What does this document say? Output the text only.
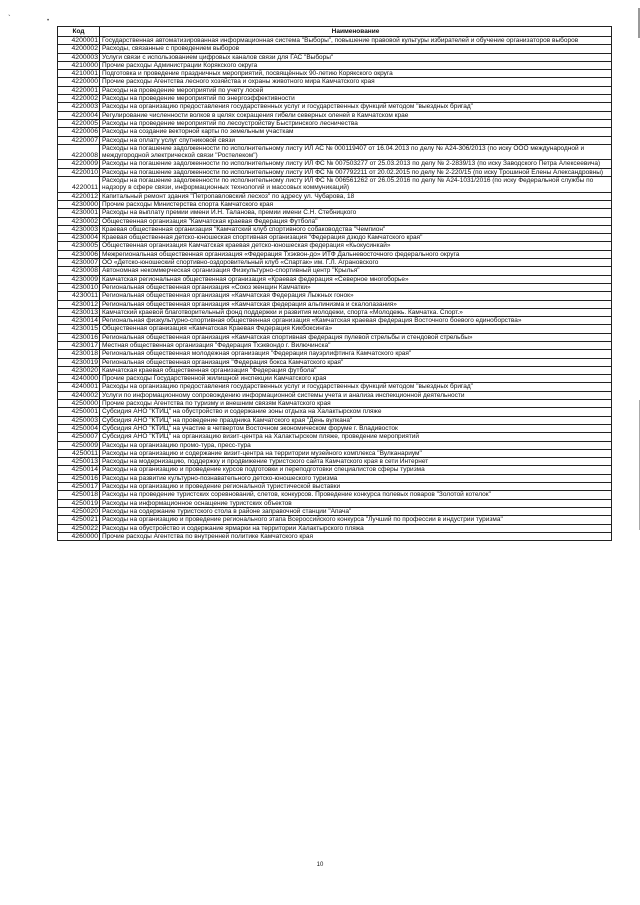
`	•
Код	Наименование
4200001	Государственная автоматизированная информационная система "Выборы", повышение правовой культуры избирателей и обучение организаторов выборов
4200002	Расходы, связанные с проведением выборов
4200003	Услуги связи с использованием цифровых каналов связи для ГАС "Выборы"
4210000	Прочие расходы Администрации Корякского округа
4210001	Подготовка и проведение праздничных мероприятий, посвящённых 90-летию Корякского округа
4220000	Прочие расходы Агентства лесного хозяйства и охраны животного мира Камчатского края
4220001	Расходы на проведение мероприятий по учету лосей
4220002	Расходы на проведение мероприятий по энергоэффективности
4220003	Расходы на организацию предоставления государственных услуг и государственных функций методом "выездных бригад"
4220004	Регулирование численности волков в целях сокращения гибели северных оленей в Камчатском крае
4220005	Расходы на проведение мероприятий по лесоустройству Быстринского лесничества
4220006	Расходы на создание векторной карты по земельным участкам
4220007	Расходы на оплату услуг спутниковой связи
4220008	Расходы на погашение задолженности по исполнительному листу ИЛ АС № 000119407 от 16.04.2013 по делу № А24-306/2013 (по иску ООО международной и междугородной электрической связи "Ростелеком")
4220009	Расходы на погашение задолженности по исполнительному листу ИЛ ФС № 007503277 от 25.03.2013 по делу № 2-2839/13 (по иску Заводского Петра Алексеевича)
4220010	Расходы на погашение задолженности по исполнительному листу ИЛ ФС № 007792211 от 20.02.2015 по делу № 2-220/15 (по иску Трошиной Елены Александровны)
4220011	Расходы на погашение задолженности по исполнительному листу ИЛ ФС № 006561262 от 26.05.2016 по делу № А24-1031/2016 (по иску Федеральной службы по надзору в сфере связи, информационных технологий и массовых коммуникаций)
4220012	Капитальный ремонт здания "Петропавловский лесхоз" по адресу ул. Чубарова, 18
4230000	Прочие расходы Министерства спорта Камчатского края
4230001	Расходы на выплату премии имени И.Н. Таланова, премии имени С.Н. Стебницкого
4230002	Общественная организация "Камчатская краевая Федерация Футбола"
4230003	Краевая общественная организация "Камчатский клуб спортивного собаководства "Чемпион"
4230004	Краевая общественная детско-юношеская спортивная организация "Федерация дзюдо Камчатского края"
4230005	Общественная организация Камчатская краевая детско-юношеская федерация «Кьокусинкай»
4230006	Межрегиональная общественная организация «Федерация Тхэквон-до» ИТФ Дальневосточного федерального округа
4230007	ОО «Детско-юношеский спортивно-оздоровительный клуб «Спартак» им. Г.Л. Аграновского
4230008	Автономная некоммерческая организация Физкультурно-спортивный центр "Крылья"
4230009	Камчатская региональная общественная организация «Краевая федерация «Северное многоборье»
4230010	Региональная общественная организация «Союз женщин Камчатки»
4230011	Региональная общественная организация «Камчатская Федерация Лыжных гонок»
4230012	Региональная общественная организация «Камчатская федерация альпинизма и скалолазания»
4230013	Камчатский краевой благотворительный фонд поддержки и развития молодежи, спорта «Молодежь. Камчатка. Спорт.»
4230014	Региональная физкультурно-спортивная общественная организация «Камчатская краевая федерация Восточного боевого единоборства»
4230015	Общественная организация «Камчатская Краевая Федерация Кикбоксинга»
4230016	Региональная общественная организация «Камчатская спортивная федерация пулевой стрельбы и стендовой стрельбы»
4230017	Местная общественная организация "Федерация Тхэквондо г. Вилючинска"
4230018	Региональная общественная молодежная организация "Федерация пауэрлифтинга Камчатского края"
4230019	Региональная общественная организация "Федерация бокса Камчатского края"
4230020	Камчатская краевая общественная организация "Федерация футбола"
4240000	Прочие расходы Государственной жилищной инспекции Камчатского края
4240001	Расходы на организацию предоставления государственных услуг и государственных функций методом "выездных бригад"
4240002	Услуги по информационному сопровождению информационной системы учета и анализа инспекционной деятельности
4250000	Прочие расходы Агентства по туризму и внешним связям Камчатского края
4250001	Субсидия АНО "КТИЦ" на обустройство и содержание зоны отдыха на Халактырском пляже
4250003	Субсидия АНО "КТИЦ" на проведение праздника Камчатского края "День вулкана"
4250004	Субсидия АНО "КТИЦ" на участие в четвертом Восточном экономическом форуме г. Владивосток
4250007	Субсидия АНО "КТИЦ" на организацию визит-центра на Халактырском пляже, проведение мероприятий
4250009	Расходы на организацию промо-тура, пресс-тура
4250011	Расходы на организацию и содержание визит-центра на территории музейного комплекса "Вулканариум"
4250013	Расходы на модернизацию, поддержку и продвижение туристского сайта Камчатского края в сети Интернет
4250014	Расходы на организацию и проведение курсов подготовки и переподготовки специалистов сферы туризма
4250016	Расходы на развитие культурно-познавательного детско-юношеского туризма
4250017	Расходы на организацию и проведение региональной туристической выставки
4250018	Расходы на проведение туристских соревнований, слетов, конкурсов. Проведение конкурса полевых поваров "Золотой котелок"
4250019	Расходы на информационное оснащение туристских объектов
4250020	Расходы на содержание туристского стола в районе заправочной станции "Апача"
4250021	Расходы на организацию и проведение регионального этапа Всероссийского конкурса "Лучший по профессии в индустрии туризма"
4250022	Расходы на обустройство и содержание ярмарки на территории Халактырского пляжа
4260000	Прочие расходы Агентства по внутренней политике Камчатского края
10
